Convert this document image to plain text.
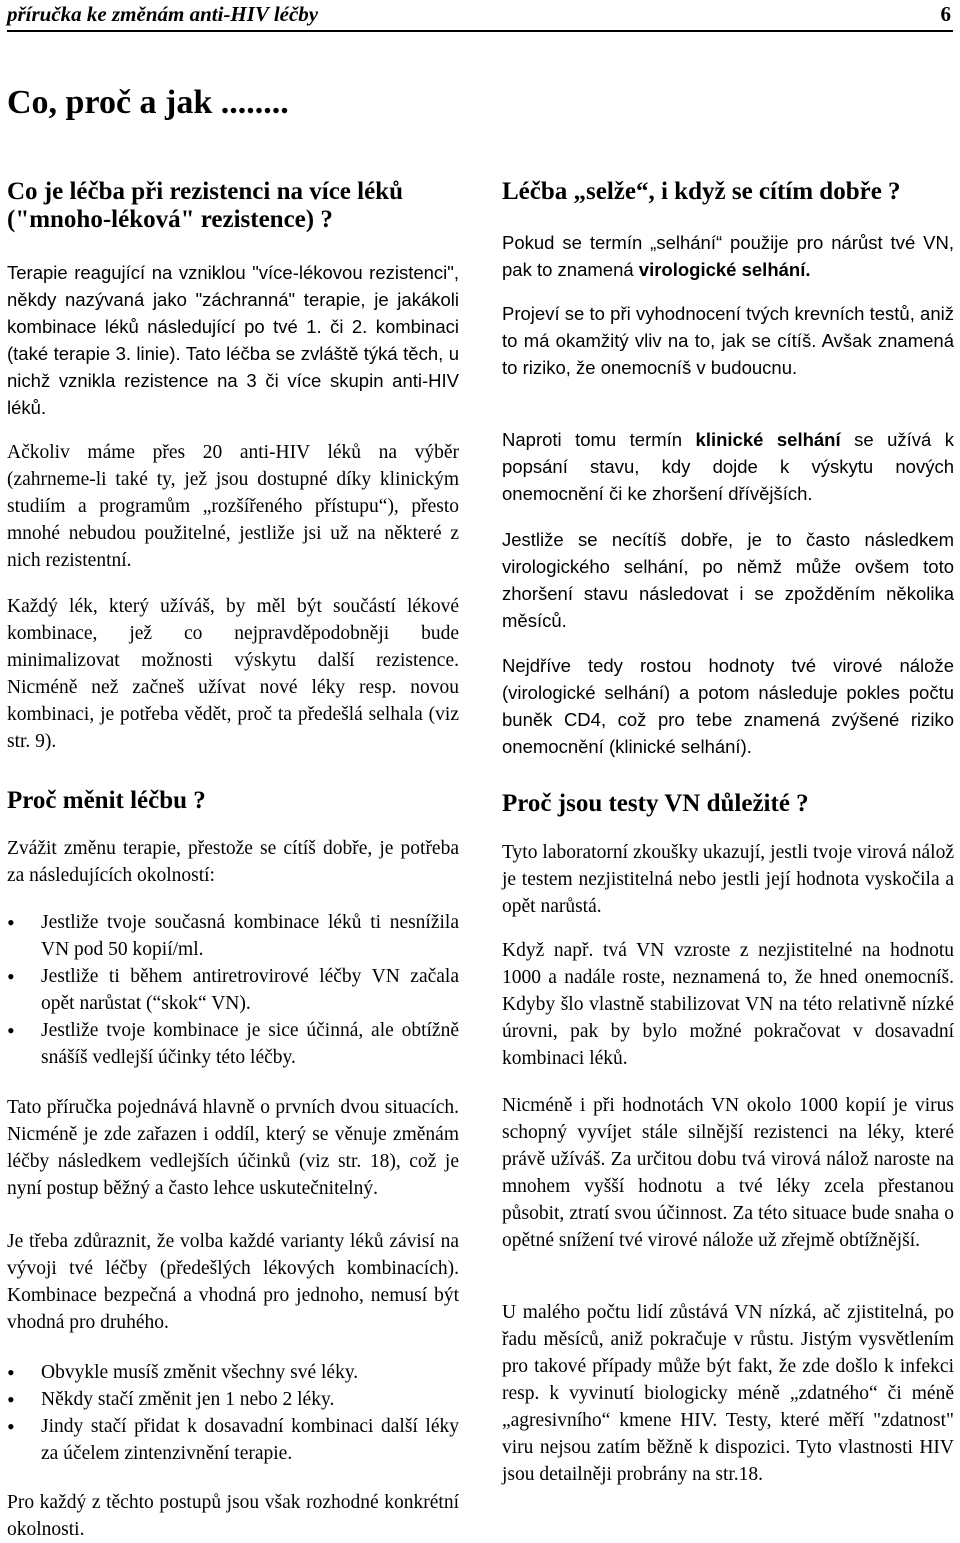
příručka ke změnám anti-HIV léčby	6
Co, proč a jak ........
Co je léčba při rezistenci na více léků ("mnoho-léková" rezistence) ?

Terapie reagující na vzniklou "více-lékovou rezistenci", někdy nazývaná jako "záchranná" terapie, je jakákoli kombinace léků následující po tvé 1. či 2. kombinaci (také terapie 3. linie). Tato léčba se zvláště týká těch, u nichž vznikla rezistence na 3 či více skupin anti-HIV léků.

Ačkoliv máme přes 20 anti-HIV léků na výběr (zahrneme-li také ty, jež jsou dostupné díky klinickým studiím a programům „rozšířeného přístupu“), přesto mnohé nebudou použitelné, jestliže jsi už na některé z nich rezistentní.

Každý lék, který užíváš, by měl být součástí lékové kombinace, jež co nejpravděpodobněji bude minimalizovat možnosti výskytu další rezistence. Nicméně než začneš užívat nové léky resp. novou kombinaci, je potřeba vědět, proč ta předešlá selhala (viz str. 9).

Proč měnit léčbu ?

Zvážit změnu terapie, přestože se cítíš dobře, je potřeba za následujících okolností:

• Jestliže tvoje současná kombinace léků ti nesnížila VN pod 50 kopií/ml.
• Jestliže ti během antiretrovirové léčby VN začala opět narůstat (“skok“ VN).
• Jestliže tvoje kombinace je sice účinná, ale obtížně snášíš vedlejší účinky této léčby.

Tato příručka pojednává hlavně o prvních dvou situacích. Nicméně je zde zařazen i oddíl, který se věnuje změnám léčby následkem vedlejších účinků (viz str. 18), což je nyní postup běžný a často lehce uskutečnitelný.

Je třeba zdůraznit, že volba každé varianty léků závisí na vývoji tvé léčby (předešlých lékových kombinacích). Kombinace bezpečná a vhodná pro jednoho, nemusí být vhodná pro druhého.

• Obvykle musíš změnit všechny své léky.
• Někdy stačí změnit jen 1 nebo 2 léky.
• Jindy stačí přidat k dosavadní kombinaci další léky za účelem zintenzivnění terapie.

Pro každý z těchto postupů jsou však rozhodné konkrétní okolnosti.

Léčba „selže“, i když se cítím dobře ?

Pokud se termín „selhání“ použije pro nárůst tvé VN, pak to znamená virologické selhání.

Projeví se to při vyhodnocení tvých krevních testů, aniž to má okamžitý vliv na to, jak se cítíš. Avšak znamená to riziko, že onemocníš v budoucnu.

Naproti tomu termín klinické selhání se užívá k popsání stavu, kdy dojde k výskytu nových onemocnění či ke zhoršení dřívějších.

Jestliže se necítíš dobře, je to často následkem virologického selhání, po němž může ovšem toto zhoršení stavu následovat i se zpožděním několika měsíců.

Nejdříve tedy rostou hodnoty tvé virové nálože (virologické selhání) a potom následuje pokles počtu buněk CD4, což pro tebe znamená zvýšené riziko onemocnění (klinické selhání).

Proč jsou testy VN důležité ?

Tyto laboratorní zkoušky ukazují, jestli tvoje virová nálož je testem nezjistitelná nebo jestli její hodnota vyskočila a opět narůstá.

Když např. tvá VN vzroste z nezjistitelné na hodnotu 1000 a nadále roste, neznamená to, že hned onemocníš. Kdyby šlo vlastně stabilizovat VN na této relativně nízké úrovni, pak by bylo možné pokračovat v dosavadní kombinaci léků.

Nicméně i při hodnotách VN okolo 1000 kopií je virus schopný vyvíjet stále silnější rezistenci na léky, které právě užíváš. Za určitou dobu tvá virová nálož naroste na mnohem vyšší hodnotu a tvé léky zcela přestanou působit, ztratí svou účinnost. Za této situace bude snaha o opětné snížení tvé virové nálože už zřejmě obtížnější.

U malého počtu lidí zůstává VN nízká, ač zjistitelná, po řadu měsíců, aniž pokračuje v růstu. Jistým vysvětlením pro takové případy může být fakt, že zde došlo k infekci resp. k vyvinutí biologicky méně „zdatného“ či méně „agresivního“ kmene HIV. Testy, které měří "zdatnost" viru nejsou zatím běžně k dispozici. Tyto vlastnosti HIV jsou detailněji probrány na str.18.
